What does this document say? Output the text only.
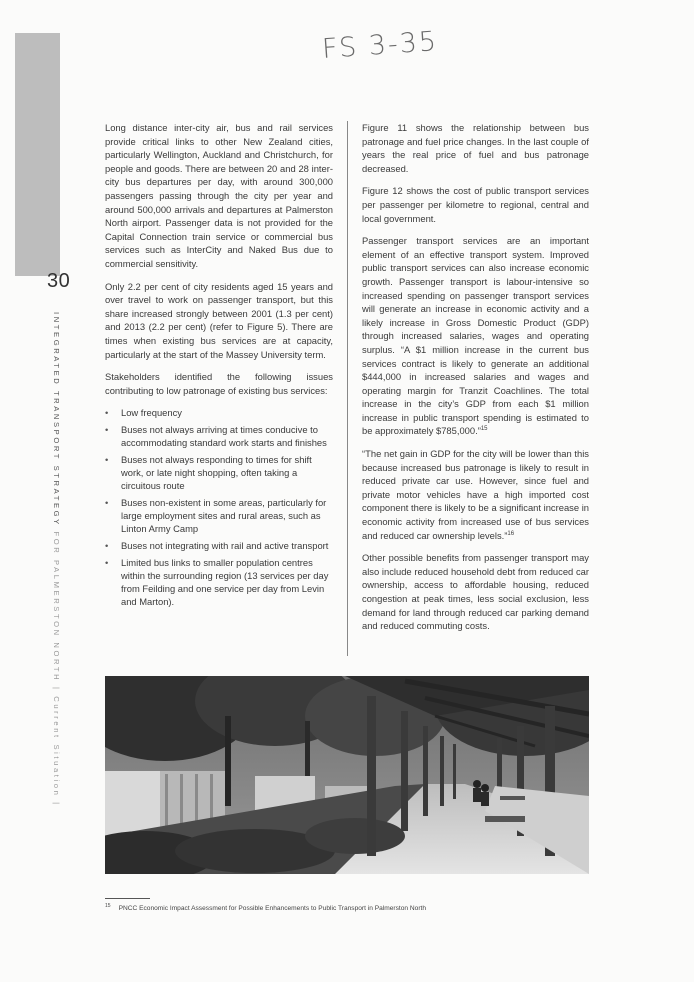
30
INTEGRATED TRANSPORT STRATEGY FOR PALMERSTON NORTH | Current Situation |
FS 3-35

Long distance inter-city air, bus and rail services provide critical links to other New Zealand cities, particularly Wellington, Auckland and Christchurch, for people and goods. There are between 20 and 28 inter-city bus departures per day, with around 300,000 passengers passing through the city per year and around 500,000 arrivals and departures at Palmerston North airport. Passenger data is not provided for the Capital Connection train service or commercial bus services such as InterCity and Naked Bus due to commercial sensitivity.

Only 2.2 per cent of city residents aged 15 years and over travel to work on passenger transport, but this share increased strongly between 2001 (1.3 per cent) and 2013 (2.2 per cent) (refer to Figure 5). There are times when existing bus services are at capacity, particularly at the start of the Massey University term.

Stakeholders identified the following issues contributing to low patronage of existing bus services:

• Low frequency
• Buses not always arriving at times conducive to accommodating standard work starts and finishes
• Buses not always responding to times for shift work, or late night shopping, often taking a circuitous route
• Buses non-existent in some areas, particularly for large employment sites and rural areas, such as Linton Army Camp
• Buses not integrating with rail and active transport
• Limited bus links to smaller population centres within the surrounding region (13 services per day from Feilding and one service per day from Levin and Marton).

Figure 11 shows the relationship between bus patronage and fuel price changes. In the last couple of years the real price of fuel and bus patronage decreased.

Figure 12 shows the cost of public transport services per passenger per kilometre to regional, central and local government.

Passenger transport services are an important element of an effective transport system. Improved public transport services can also increase economic growth. Passenger transport is labour-intensive so increased spending on passenger transport services will generate an increase in economic activity and a likely increase in Gross Domestic Product (GDP) through increased salaries, wages and operating surplus. “A $1 million increase in the current bus services contract is likely to generate an additional $444,000 in increased salaries and wages and operating margin for Tranzit Coachlines. The total increase in the city’s GDP from each $1 million increase in public transport spending is estimated to be approximately $785,000.”$^{15}$

“The net gain in GDP for the city will be lower than this because increased bus patronage is likely to result in reduced private car use. However, since fuel and private motor vehicles have a high imported cost component there is likely to be a significant increase in economic activity from increased use of bus services and reduced car ownership levels.”$^{16}$

Other possible benefits from passenger transport may also include reduced household debt from reduced car ownership, access to affordable housing, reduced congestion at peak times, less social exclusion, less demand for land through reduced car parking demand and reduced commuting costs.

$^{15}$ PNCC Economic Impact Assessment for Possible Enhancements to Public Transport in Palmerston North
